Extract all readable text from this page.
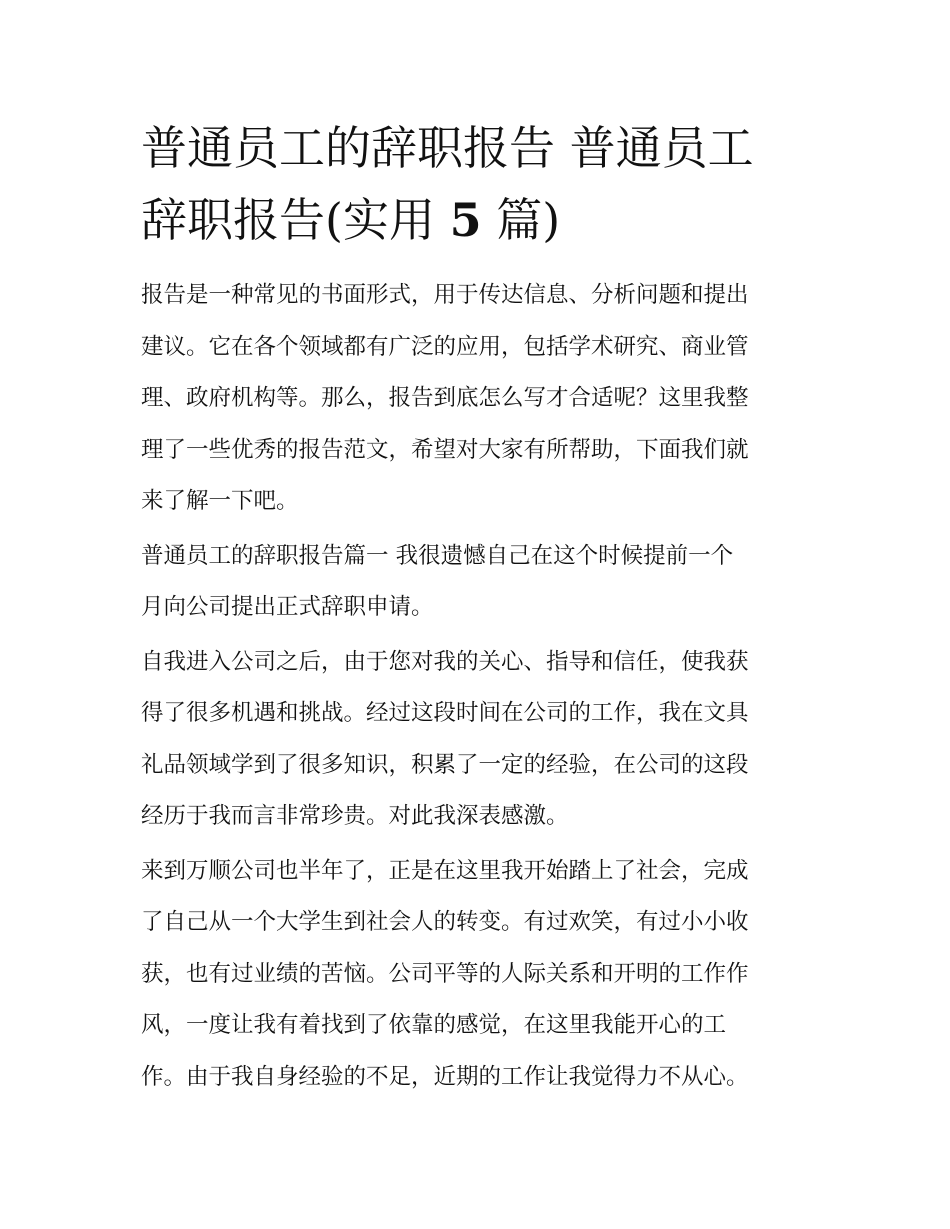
普通员工的辞职报告 普通员工
辞职报告(实用 5 篇)

报告是一种常见的书面形式，用于传达信息、分析问题和提出
建议。它在各个领域都有广泛的应用，包括学术研究、商业管
理、政府机构等。那么，报告到底怎么写才合适呢？这里我整
理了一些优秀的报告范文，希望对大家有所帮助，下面我们就
来了解一下吧。

普通员工的辞职报告篇一 我很遗憾自己在这个时候提前一个
月向公司提出正式辞职申请。

自我进入公司之后，由于您对我的关心、指导和信任，使我获
得了很多机遇和挑战。经过这段时间在公司的工作，我在文具
礼品领域学到了很多知识，积累了一定的经验，在公司的这段
经历于我而言非常珍贵。对此我深表感激。

来到万顺公司也半年了，正是在这里我开始踏上了社会，完成
了自己从一个大学生到社会人的转变。有过欢笑，有过小小收
获，也有过业绩的苦恼。公司平等的人际关系和开明的工作作
风，一度让我有着找到了依靠的感觉，在这里我能开心的工
作。由于我自身经验的不足，近期的工作让我觉得力不从心。
